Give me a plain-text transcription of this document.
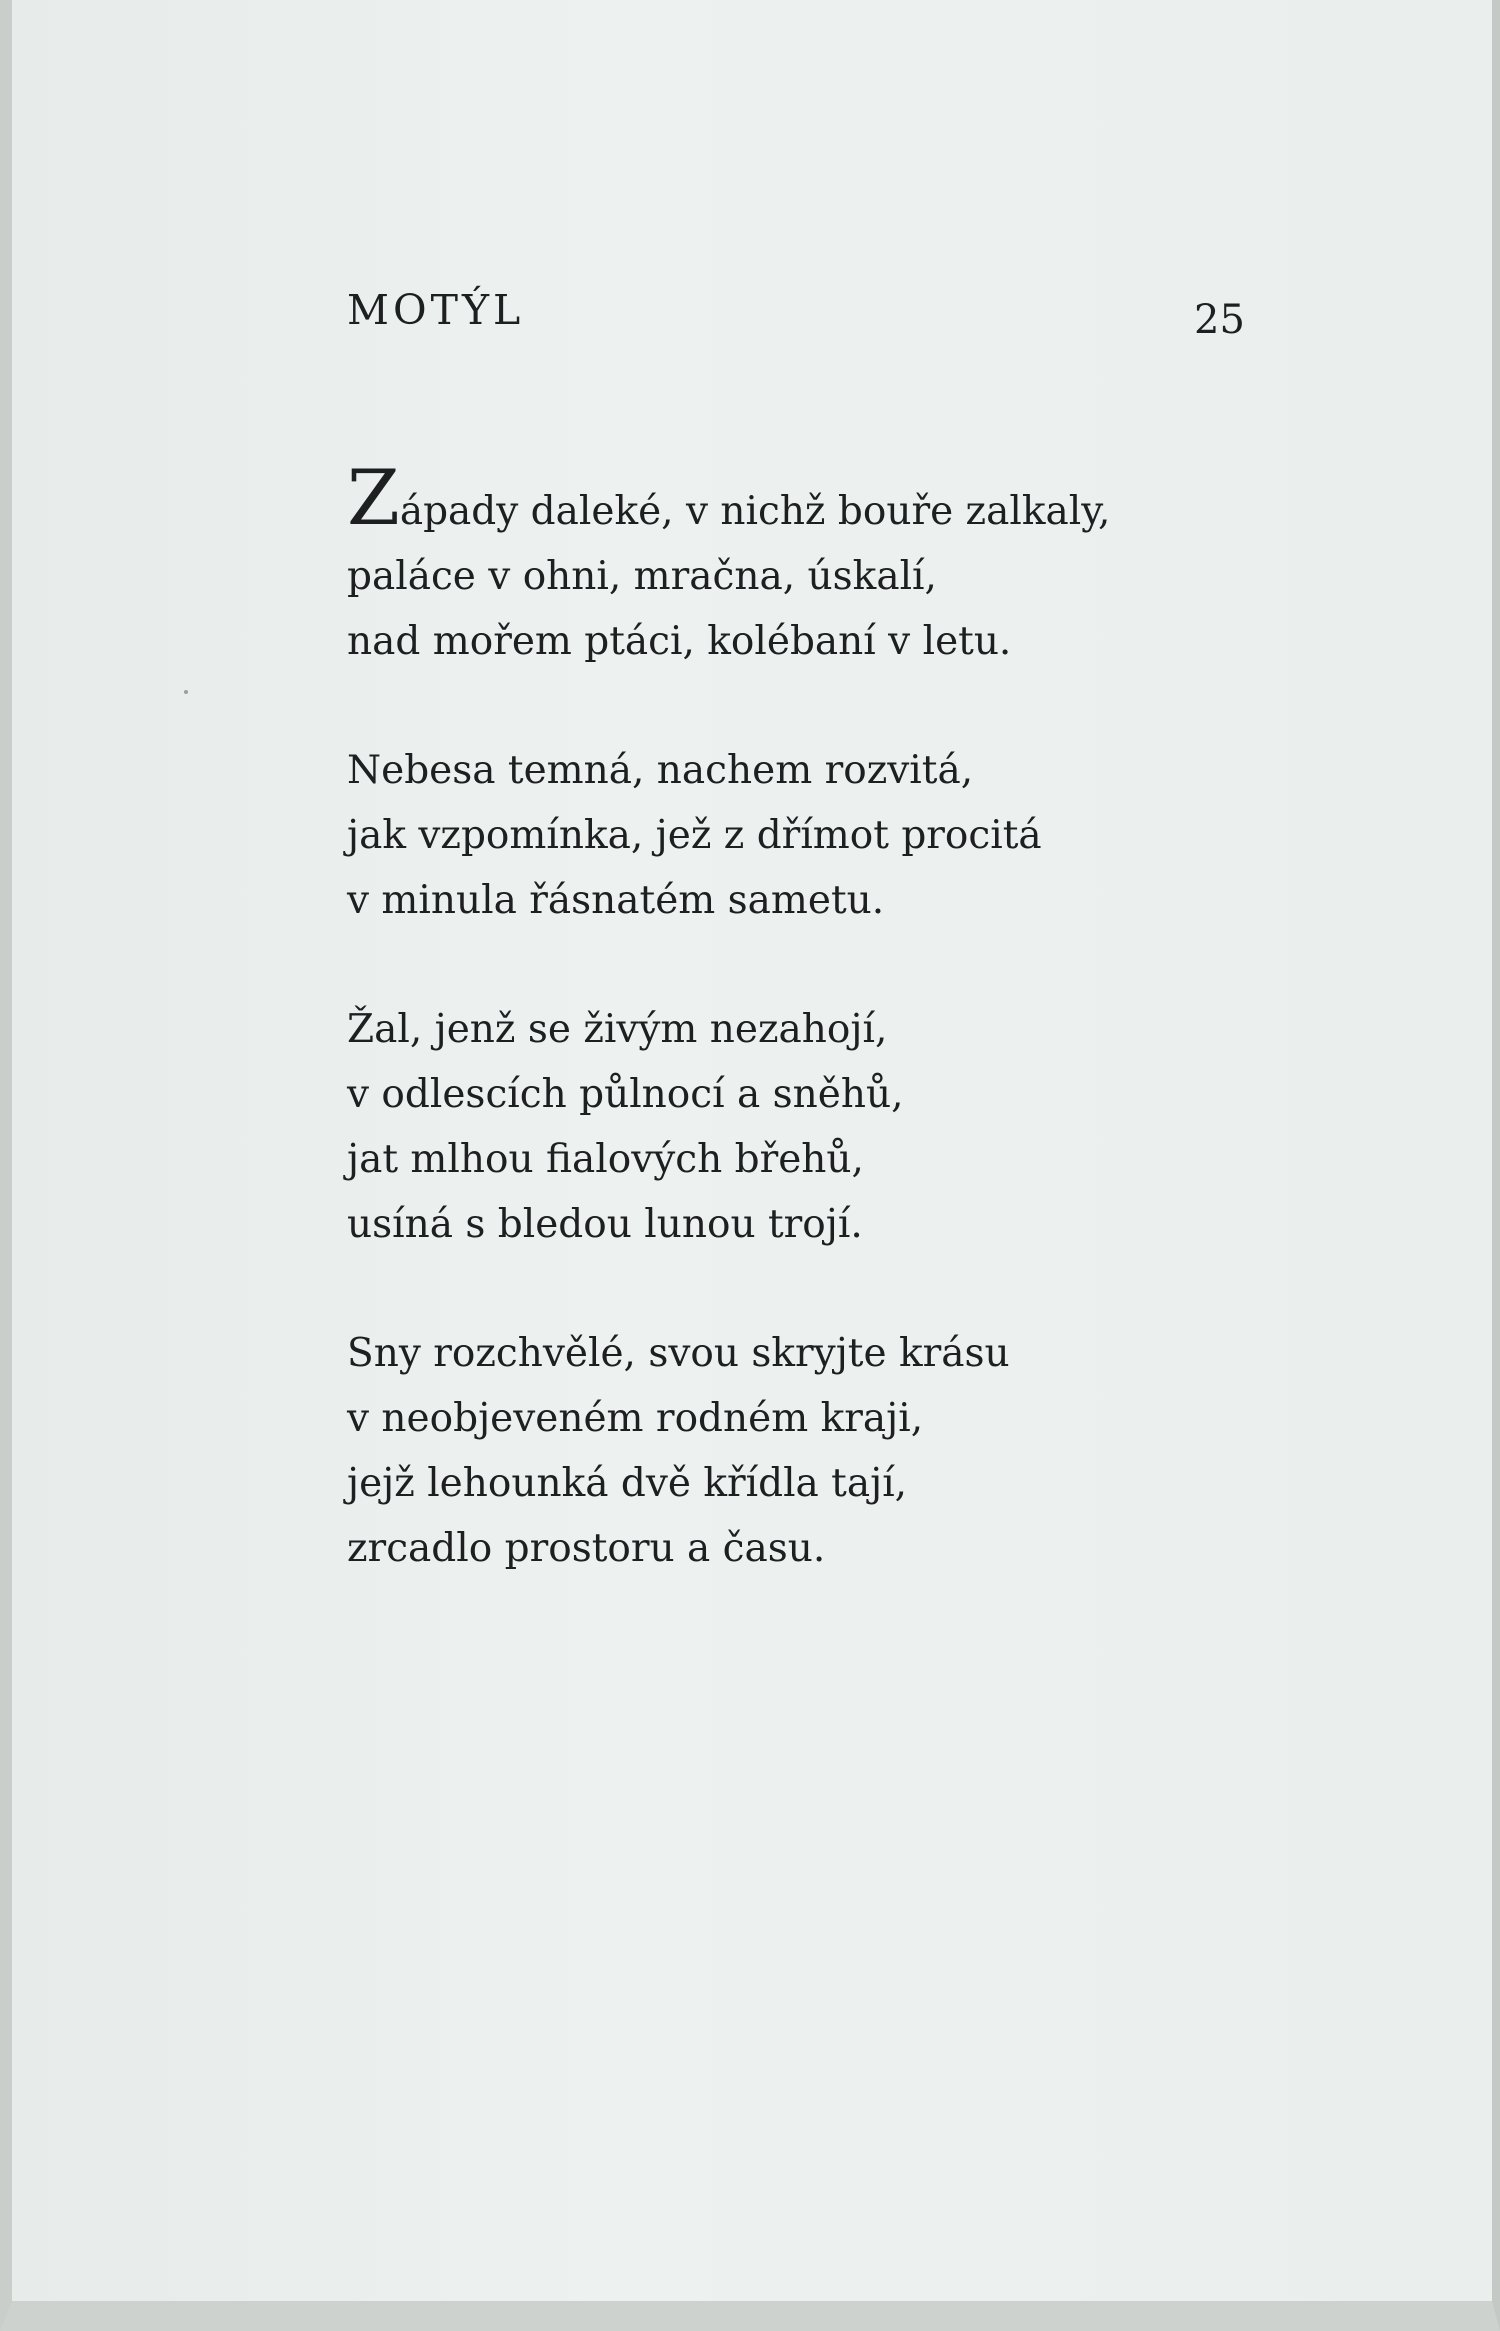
MOTÝL	25
Západy daleké, v nichž bouře zalkaly,
paláce v ohni, mračna, úskalí,
nad mořem ptáci, kolébaní v letu.
Nebesa temná, nachem rozvitá,
jak vzpomínka, jež z dřímot procitá
v minula řásnatém sametu.
Žal, jenž se živým nezahojí,
v odlescích půlnocí a sněhů,
jat mlhou fialových břehů,
usíná s bledou lunou trojí.
Sny rozchvělé, svou skryjte krásu
v neobjeveném rodném kraji,
jejž lehounká dvě křídla tají,
zrcadlo prostoru a času.
